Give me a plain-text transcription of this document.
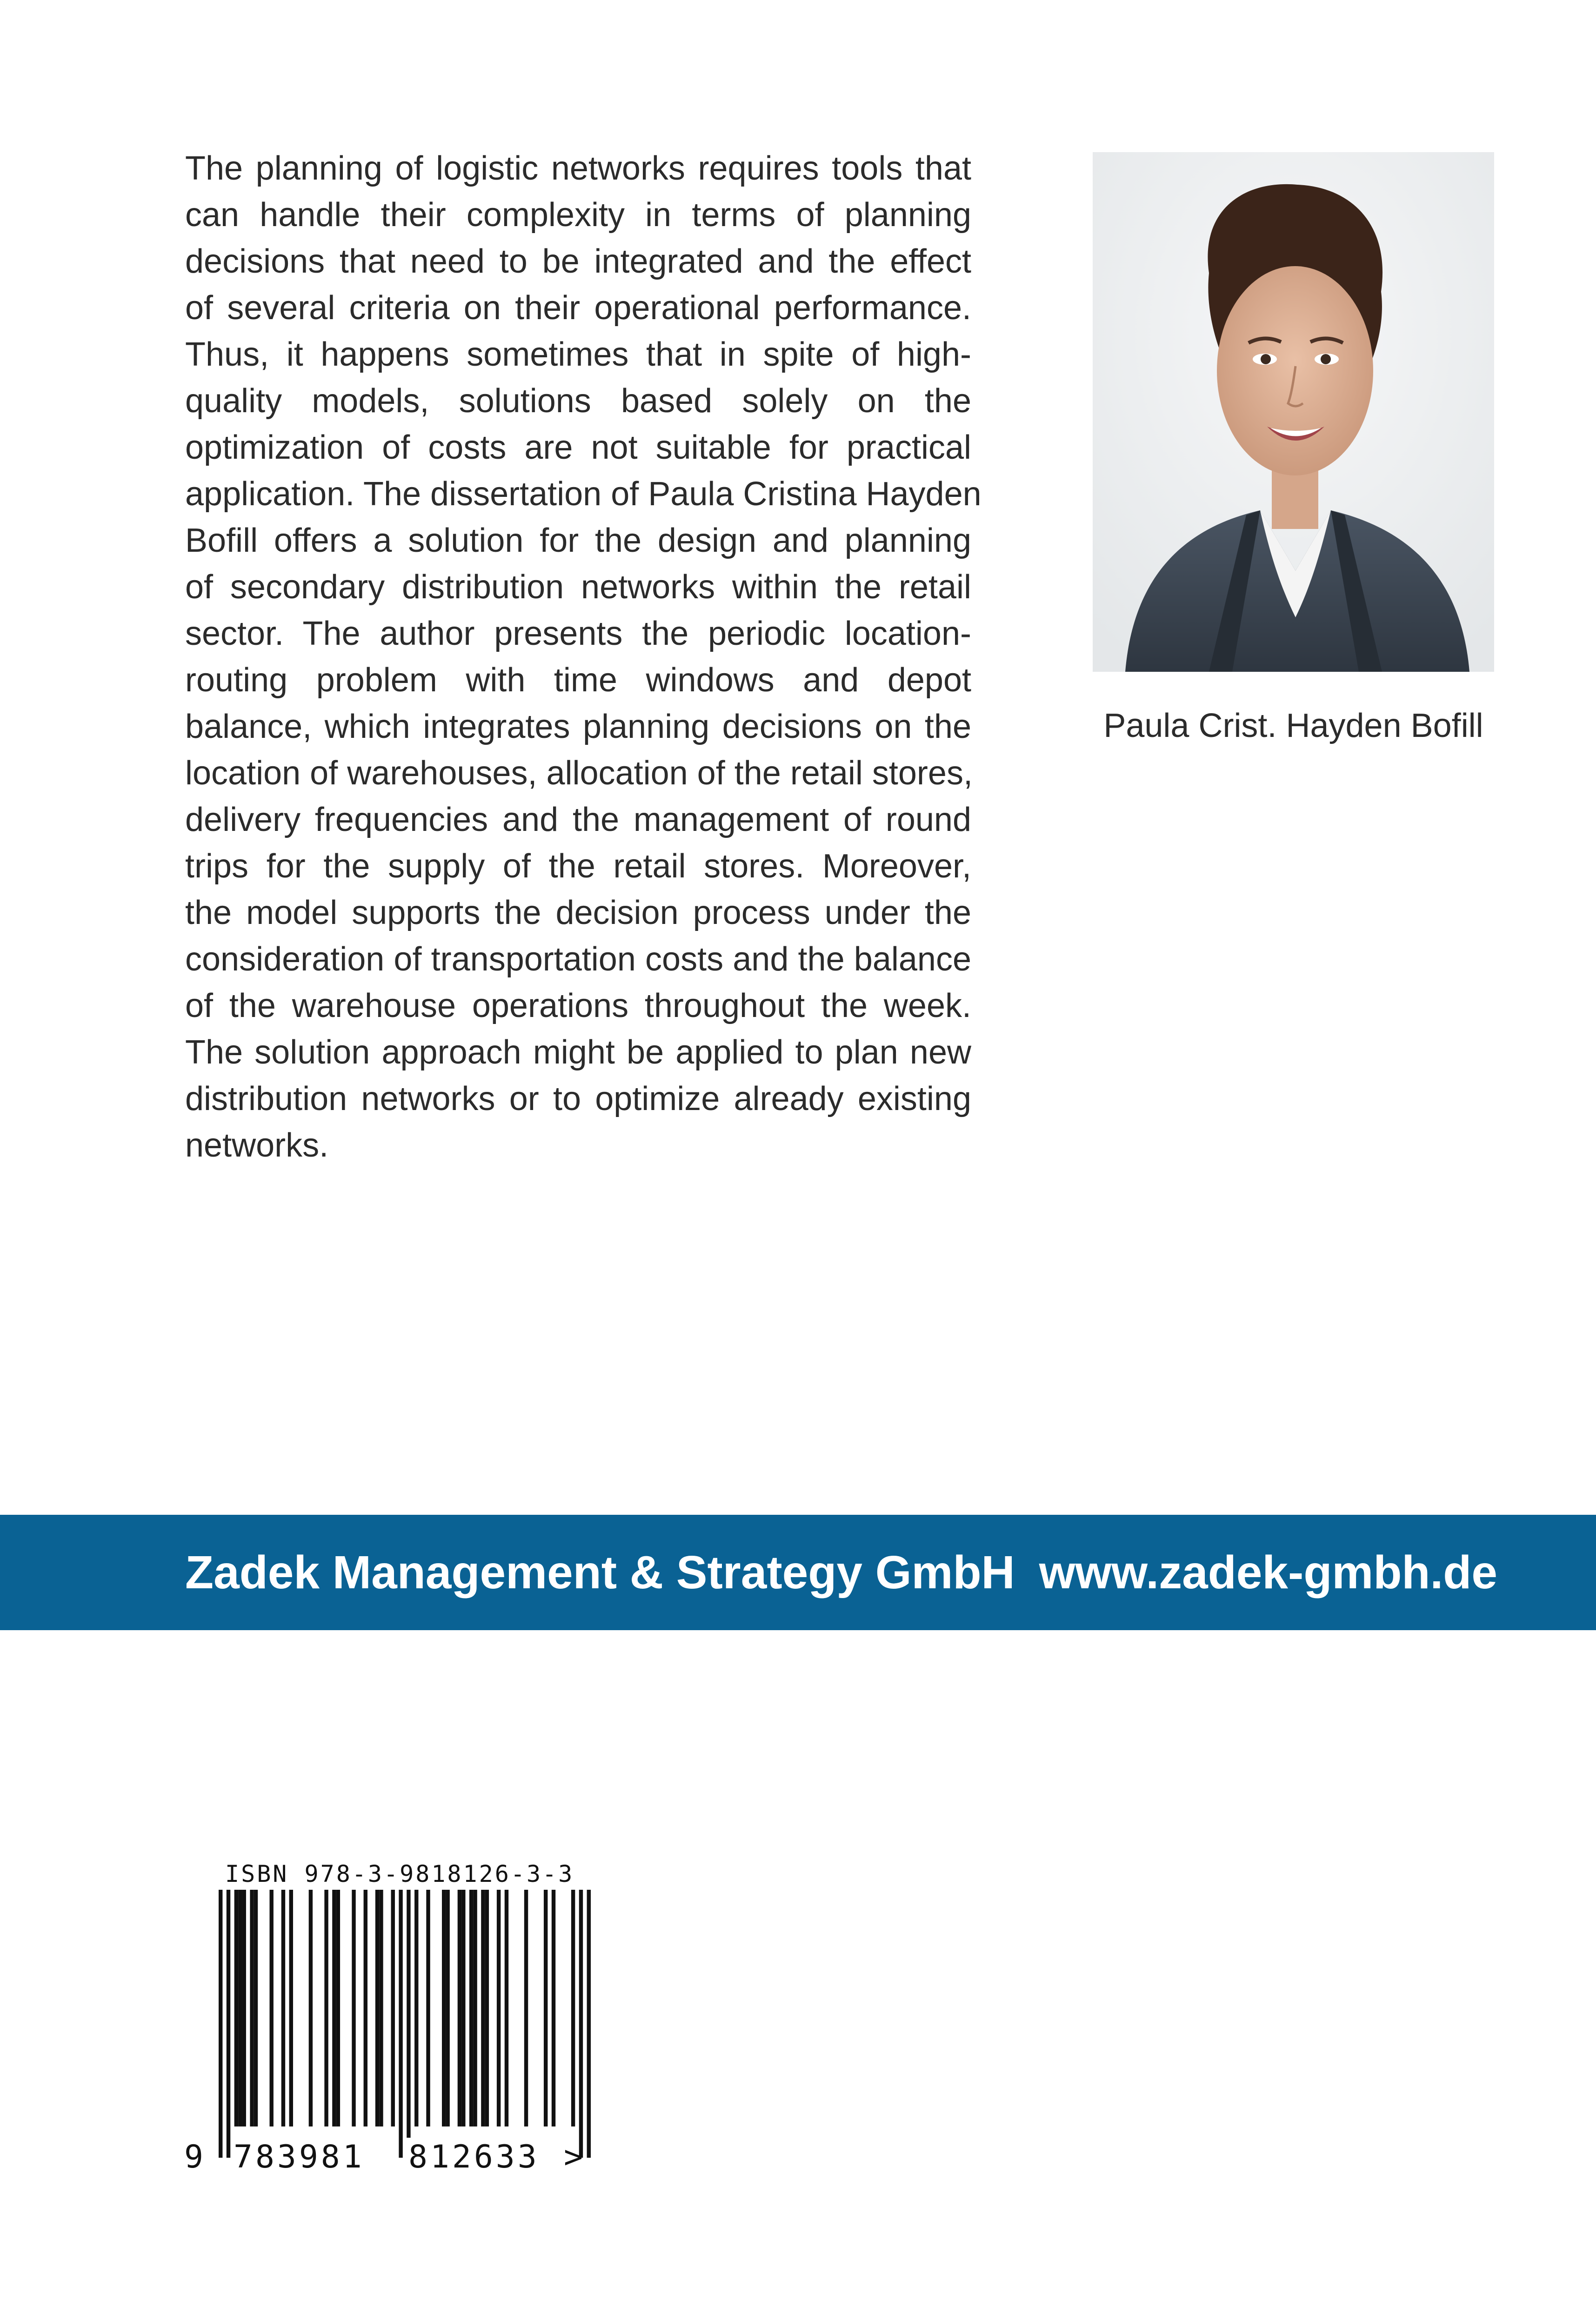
The planning of logistic networks requires tools that
can handle their complexity in terms of planning
decisions that need to be integrated and the effect
of several criteria on their operational performance.
Thus, it happens sometimes that in spite of high-
quality models, solutions based solely on the
optimization of costs are not suitable for practical
application. The dissertation of Paula Cristina Hayden
Bofill offers a solution for the design and planning
of secondary distribution networks within the retail
sector. The author presents the periodic location-
routing problem with time windows and depot
balance, which integrates planning decisions on the
location of warehouses, allocation of the retail stores,
delivery frequencies and the management of round
trips for the supply of the retail stores. Moreover,
the model supports the decision process under the
consideration of transportation costs and the balance
of the warehouse operations throughout the week.
The solution approach might be applied to plan new
distribution networks or to optimize already existing
networks.
Paula Crist. Hayden Bofill
Zadek Management & Strategy GmbH www.zadek-gmbh.de
ISBN 978-3-9818126-3-3
9 783981 812633 >
